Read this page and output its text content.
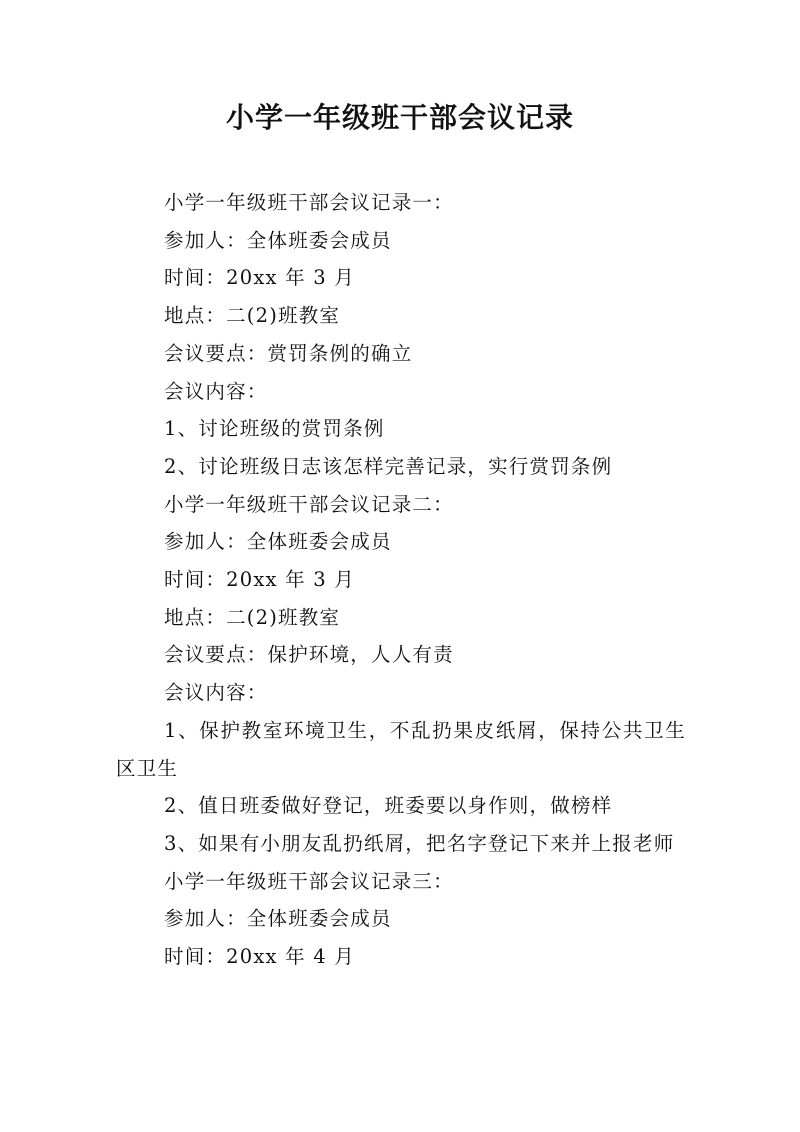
小学一年级班干部会议记录

小学一年级班干部会议记录一：

参加人：全体班委会成员

时间：20xx 年 3 月

地点：二(2)班教室

会议要点：赏罚条例的确立

会议内容：

1、讨论班级的赏罚条例

2、讨论班级日志该怎样完善记录，实行赏罚条例

小学一年级班干部会议记录二：

参加人：全体班委会成员

时间：20xx 年 3 月

地点：二(2)班教室

会议要点：保护环境，人人有责

会议内容：

1、保护教室环境卫生，不乱扔果皮纸屑，保持公共卫生区卫生

2、值日班委做好登记，班委要以身作则，做榜样

3、如果有小朋友乱扔纸屑，把名字登记下来并上报老师

小学一年级班干部会议记录三：

参加人：全体班委会成员

时间：20xx 年 4 月
